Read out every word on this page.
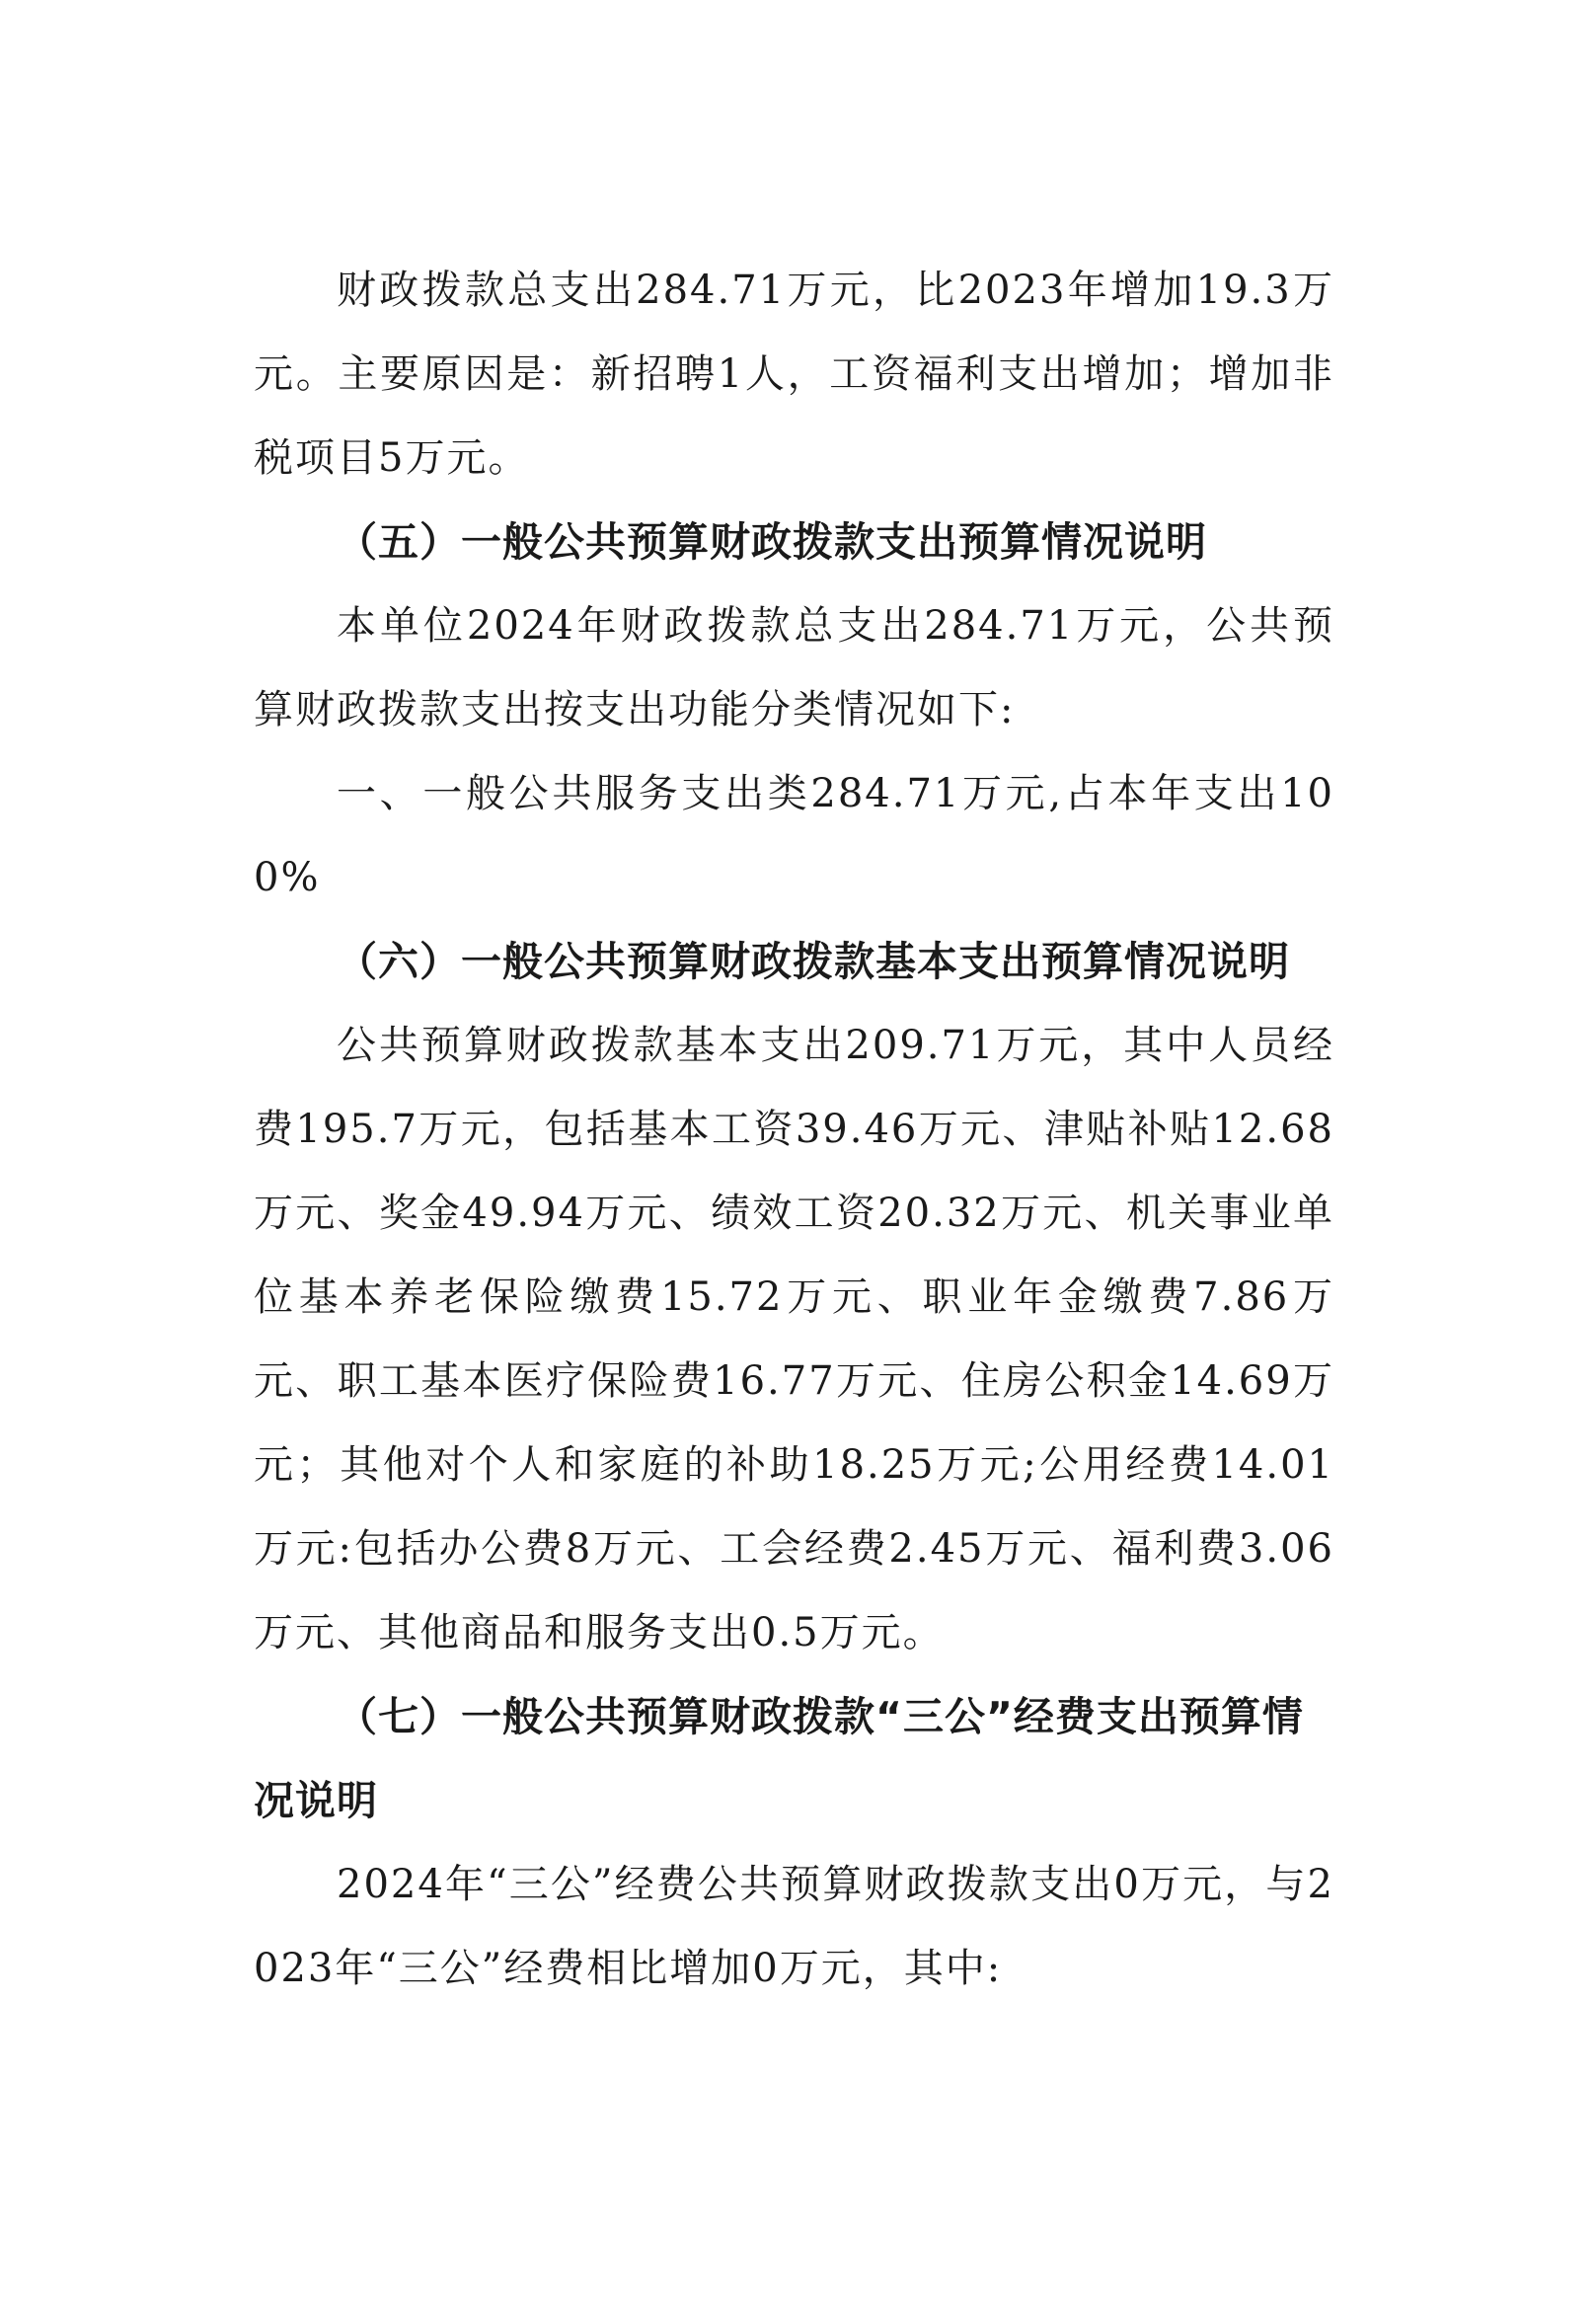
财政拨款总支出284.71万元，比2023年增加19.3万元。主要原因是：新招聘1人，工资福利支出增加；增加非税项目5万元。

（五）一般公共预算财政拨款支出预算情况说明

本单位2024年财政拨款总支出284.71万元，公共预算财政拨款支出按支出功能分类情况如下:

一、一般公共服务支出类284.71万元,占本年支出100%

（六）一般公共预算财政拨款基本支出预算情况说明

公共预算财政拨款基本支出209.71万元，其中人员经费195.7万元，包括基本工资39.46万元、津贴补贴12.68万元、奖金49.94万元、绩效工资20.32万元、机关事业单位基本养老保险缴费15.72万元、职业年金缴费7.86万元、职工基本医疗保险费16.77万元、住房公积金14.69万元；其他对个人和家庭的补助18.25万元;公用经费14.01万元:包括办公费8万元、工会经费2.45万元、福利费3.06万元、其他商品和服务支出0.5万元。

（七）一般公共预算财政拨款“三公”经费支出预算情况说明

2024年“三公”经费公共预算财政拨款支出0万元，与2023年“三公”经费相比增加0万元，其中:
